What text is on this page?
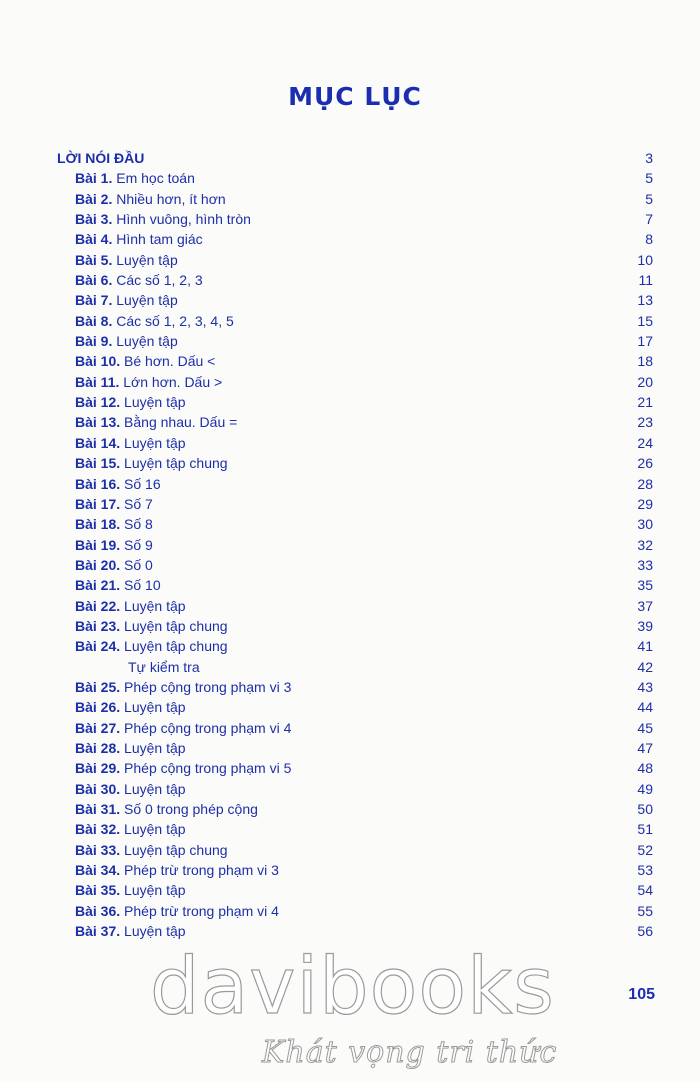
MỤC LỤC
LỜI NÓI ĐẦU	3
Bài 1. Em học toán	5
Bài 2. Nhiều hơn, ít hơn	5
Bài 3. Hình vuông, hình tròn	7
Bài 4. Hình tam giác	8
Bài 5. Luyện tập	10
Bài 6. Các số 1, 2, 3	11
Bài 7. Luyện tập	13
Bài 8. Các số 1, 2, 3, 4, 5	15
Bài 9. Luyện tập	17
Bài 10. Bé hơn. Dấu <	18
Bài 11. Lớn hơn. Dấu >	20
Bài 12. Luyện tập	21
Bài 13. Bằng nhau. Dấu =	23
Bài 14. Luyện tập	24
Bài 15. Luyện tập chung	26
Bài 16. Số 16	28
Bài 17. Số 7	29
Bài 18. Số 8	30
Bài 19. Số 9	32
Bài 20. Số 0	33
Bài 21. Số 10	35
Bài 22. Luyện tập	37
Bài 23. Luyện tập chung	39
Bài 24. Luyện tập chung	41
Tự kiểm tra	42
Bài 25. Phép cộng trong phạm vi 3	43
Bài 26. Luyện tập	44
Bài 27. Phép cộng trong phạm vi 4	45
Bài 28. Luyện tập	47
Bài 29. Phép cộng trong phạm vi 5	48
Bài 30. Luyện tập	49
Bài 31. Số 0 trong phép cộng	50
Bài 32. Luyện tập	51
Bài 33. Luyện tập chung	52
Bài 34. Phép trừ trong phạm vi 3	53
Bài 35. Luyện tập	54
Bài 36. Phép trừ trong phạm vi 4	55
Bài 37. Luyện tập	56
105
davibooks
Khát vọng tri thức
